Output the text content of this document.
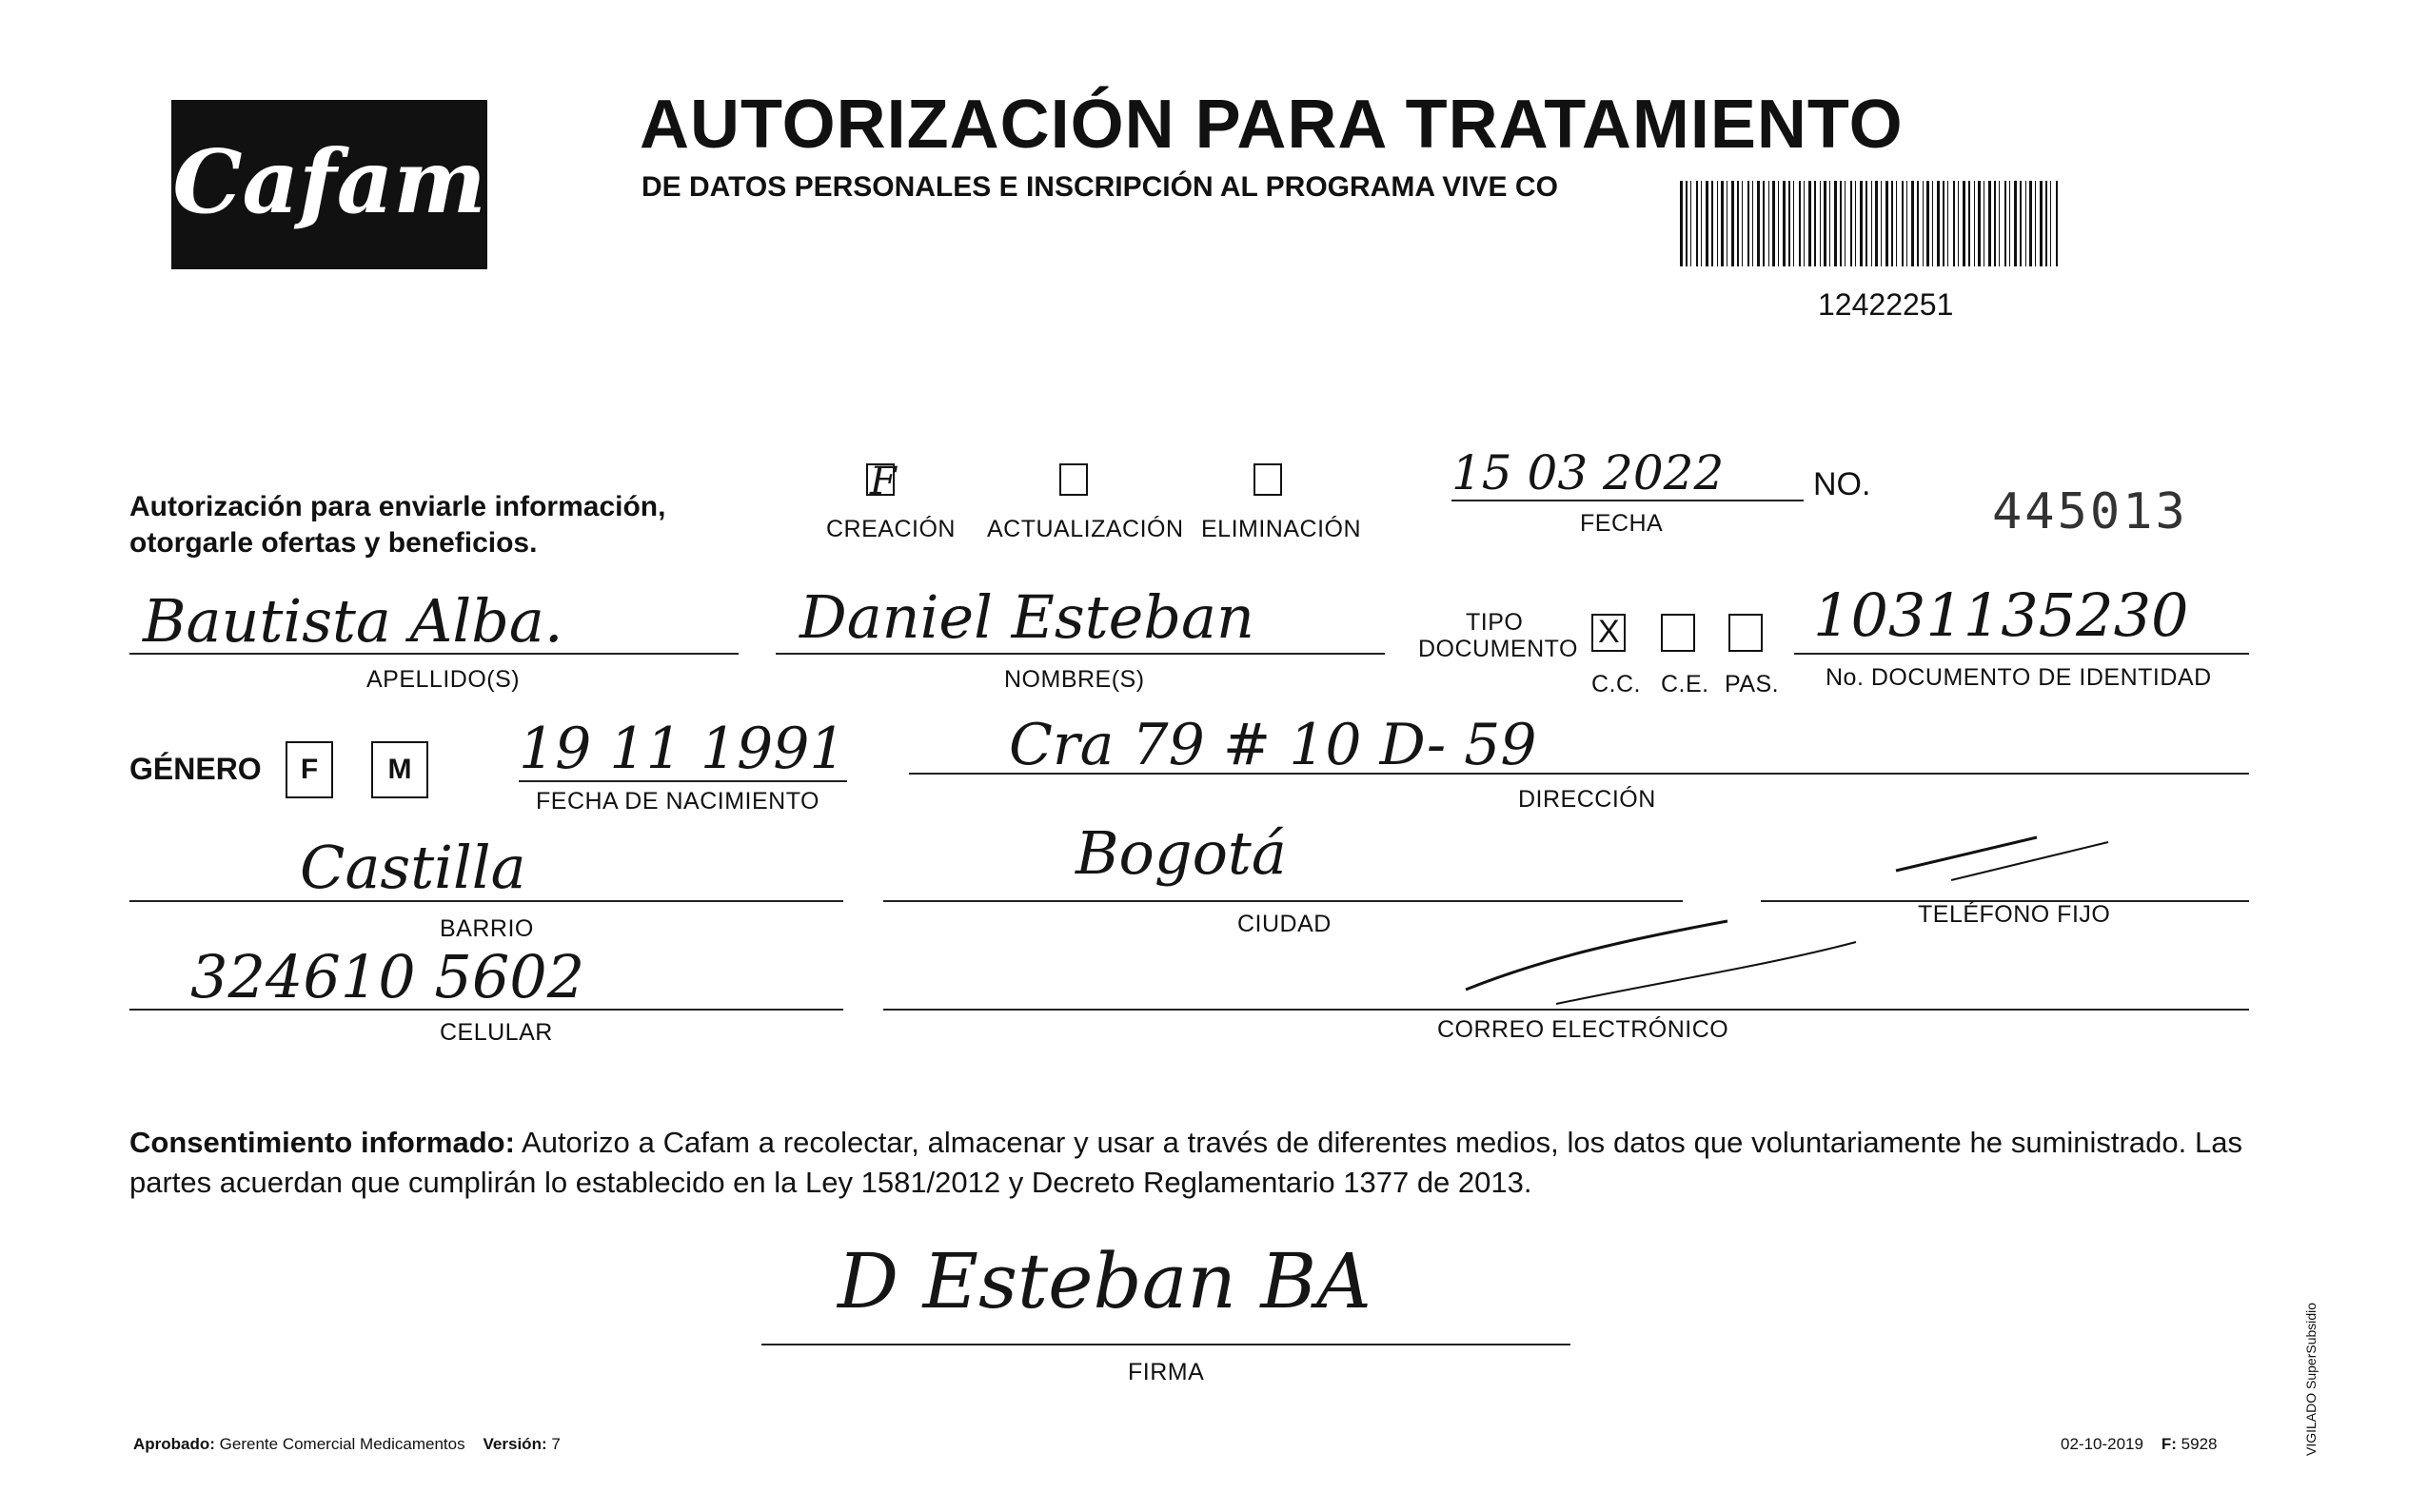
Cafam
AUTORIZACIÓN PARA TRATAMIENTO
DE DATOS PERSONALES E INSCRIPCIÓN AL PROGRAMA VIVE CO
12422251
Autorización para enviarle información,
otorgarle ofertas y beneficios.
F
CREACIÓN ACTUALIZACIÓN ELIMINACIÓN
15 03 2022
FECHA
NO. 445013
Bautista Alba.
APELLIDO(S)
Daniel Esteban
NOMBRE(S)
TIPO
DOCUMENTO X
C.C. C.E. PAS.
1031135230
No. DOCUMENTO DE IDENTIDAD
GÉNERO	F	M 19 11 1991
FECHA DE NACIMIENTO
Cra 79 # 10 D- 59
DIRECCIÓN
Castilla
BARRIO
Bogotá
CIUDAD	TELÉFONO FIJO
324610 5602
CELULAR	CORREO ELECTRÓNICO
Consentimiento informado: Autorizo a Cafam a recolectar, almacenar y usar a través de diferentes medios, los datos que voluntariamente he suministrado. Las partes acuerdan que cumplirán lo establecido en la Ley 1581/2012 y Decreto Reglamentario 1377 de 2013.
D Esteban BA
FIRMA
Aprobado: Gerente Comercial Medicamentos Versión: 7	02-10-2019 F: 5928	VIGILADO SuperSubsidio
